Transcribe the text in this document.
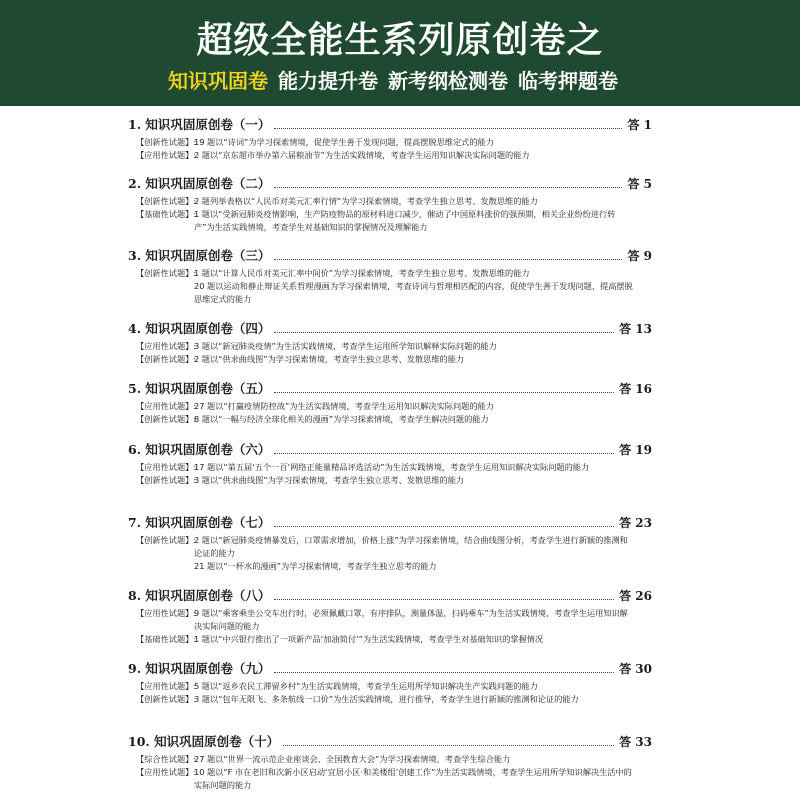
超级全能生系列原创卷之
知识巩固卷 能力提升卷 新考纲检测卷 临考押题卷
1. 知识巩固原创卷（一）	答 1
【创新性试题】:
19 题以“诗词”为学习探索情境，促使学生善于发现问题，提高摆脱思维定式的能力
【应用性试题】:
2 题以“京东超市举办第六届粮油节”为生活实践情境，考查学生运用知识解决实际问题的能力
2. 知识巩固原创卷（二）	答 5
【创新性试题】:
2 题列举表格以“人民币对美元汇率行情”为学习探索情境，考查学生独立思考、发散思维的能力
【基础性试题】:
1 题以“受新冠肺炎疫情影响，生产防疫物品的原材料进口减少，催动了中国原料涨价的强预期，相关企业纷纷进行转产”为生活实践情境，考查学生对基础知识的掌握情况及理解能力
3. 知识巩固原创卷（三）	答 9
【创新性试题】:
1 题以“计算人民币对美元汇率中间价”为学习探索情境，考查学生独立思考、发散思维的能力
20 题以运动和静止辩证关系哲理漫画为学习探索情境，考查诗词与哲理相匹配的内容，促使学生善于发现问题，提高摆脱思维定式的能力
4. 知识巩固原创卷（四）	答 13
【应用性试题】:
3 题以“新冠肺炎疫情”为生活实践情境，考查学生运用所学知识解释实际问题的能力
【创新性试题】:
2 题以“供求曲线图”为学习探索情境，考查学生独立思考、发散思维的能力
5. 知识巩固原创卷（五）	答 16
【应用性试题】:
27 题以“打赢疫情防控战”为生活实践情境，考查学生运用知识解决实际问题的能力
【创新性试题】:
8 题以“一幅与经济全球化相关的漫画”为学习探索情境，考查学生解决问题的能力
6. 知识巩固原创卷（六）	答 19
【应用性试题】:
17 题以“第五届‘五个一百’网络正能量精品评选活动”为生活实践情境，考查学生运用知识解决实际问题的能力
【创新性试题】:
3 题以“供求曲线图”为学习探索情境，考查学生独立思考、发散思维的能力
7. 知识巩固原创卷（七）	答 23
【创新性试题】:
2 题以“新冠肺炎疫情暴发后，口罩需求增加，价格上涨”为学习探索情境，结合曲线图分析，考查学生进行新颖的推测和论证的能力
21 题以“一杯水的漫画”为学习探索情境，考查学生独立思考的能力
8. 知识巩固原创卷（八）	答 26
【应用性试题】:
9 题以“乘客乘坐公交车出行时，必须佩戴口罩，有序排队，测量体温，扫码乘车”为生活实践情境，考查学生运用知识解决实际问题的能力
【基础性试题】:
1 题以“中兴银行推出了一项新产品‘加油简付’”为生活实践情境，考查学生对基础知识的掌握情况
9. 知识巩固原创卷（九）	答 30
【应用性试题】:
5 题以“返乡农民工滞留乡村”为生活实践情境，考查学生运用所学知识解决生产实践问题的能力
【创新性试题】:
3 题以“包年无限飞、多条航线一口价”为生活实践情境，进行推导，考查学生进行新颖的推测和论证的能力
10. 知识巩固原创卷（十）	答 33
【综合性试题】:
27 题以“世界一流示范企业座谈会、全国教育大会”为学习探索情境，考查学生综合能力
【应用性试题】:
10 题以“F 市在老旧和次新小区启动‘宜居小区·和美楼组’创建工作”为生活实践情境，考查学生运用所学知识解决生活中的实际问题的能力
